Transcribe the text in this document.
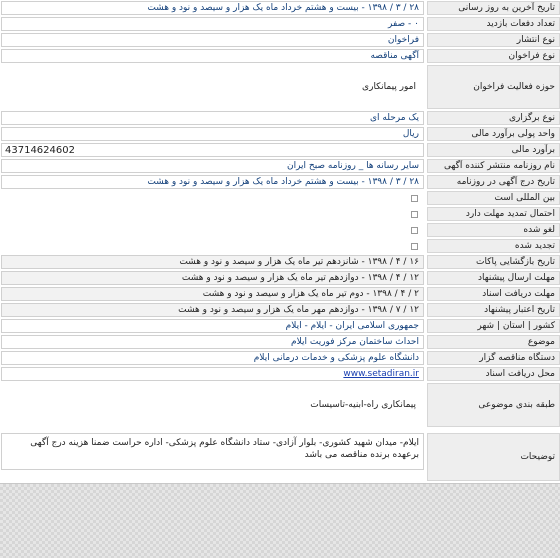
تاریخ آخرین به روز رسانی
۲۸ / ۳ / ۱۳۹۸ - بیست و هشتم خرداد ماه یک هزار و سیصد و نود و هشت
تعداد دفعات بازدید
۰ - صفر
نوع انتشار
فراخوان
نوع فراخوان
آگهی مناقصه
حوزه فعالیت فراخوان
امور پیمانکاری
نوع برگزاری
یک مرحله ای
واحد پولی برآورد مالی
ریال
برآورد مالی
43714624602
نام روزنامه منتشر کننده آگهی
سایر رسانه ها _ روزنامه صبح ایران
تاریخ درج آگهی در روزنامه
۲۸ / ۳ / ۱۳۹۸ - بیست و هشتم خرداد ماه یک هزار و سیصد و نود و هشت
بین المللی است
احتمال تمدید مهلت دارد
لغو شده
تجدید شده
تاریخ بازگشایی پاکات
۱۶ / ۴ / ۱۳۹۸ - شانزدهم تیر ماه یک هزار و سیصد و نود و هشت
مهلت ارسال پیشنهاد
۱۲ / ۴ / ۱۳۹۸ - دوازدهم تیر ماه یک هزار و سیصد و نود و هشت
مهلت دریافت اسناد
۲ / ۴ / ۱۳۹۸ - دوم تیر ماه یک هزار و سیصد و نود و هشت
تاریخ اعتبار پیشنهاد
۱۲ / ۷ / ۱۳۹۸ - دوازدهم مهر ماه یک هزار و سیصد و نود و هشت
کشور | استان | شهر
جمهوری اسلامی ایران - ایلام - ایلام
موضوع
احداث ساختمان مرکز فوریت ایلام
دستگاه مناقصه گزار
دانشگاه علوم پزشکی و خدمات درمانی ایلام
محل دریافت اسناد
www.setadiran.ir
طبقه بندی موضوعی
پیمانکاری راه-ابنیه-تاسیسات
توضیحات
ایلام- میدان شهید کشوری- بلوار آزادی- ستاد دانشگاه علوم پزشکی- اداره حراست ضمنا هزینه درج آگهی برعهده برنده مناقصه می باشد
